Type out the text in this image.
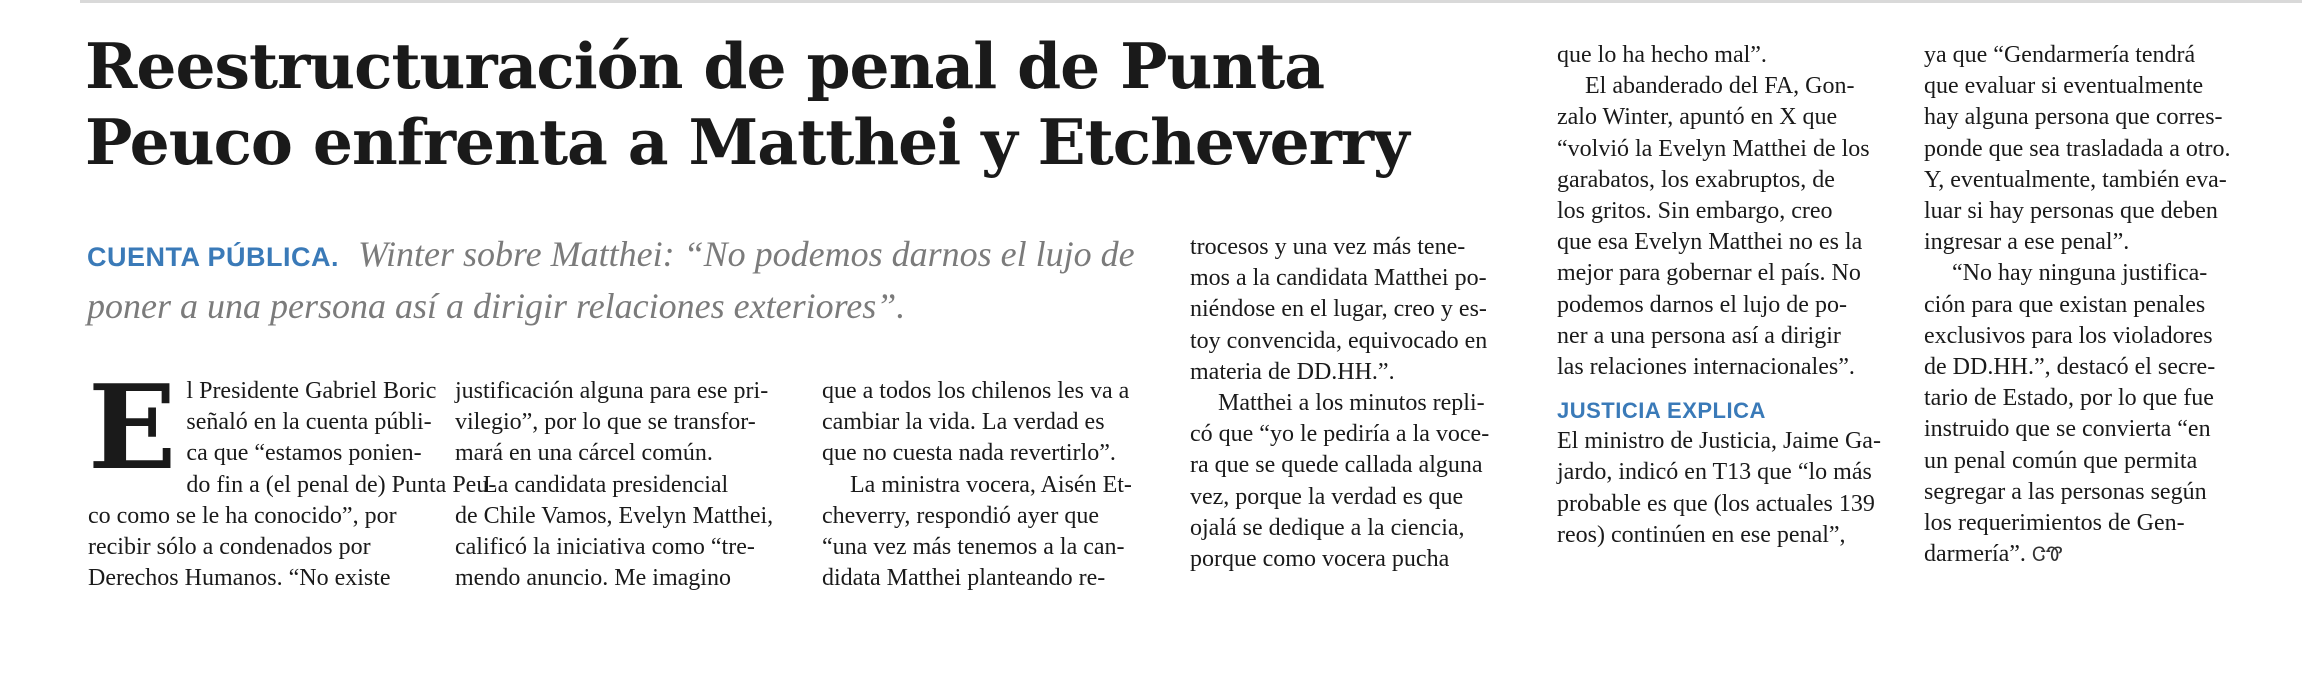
Reestructuración de penal de Punta
Peuco enfrenta a Matthei y Etcheverry
CUENTA PÚBLICA. Winter sobre Matthei: “No podemos darnos el lujo de poner a una persona así a dirigir relaciones exteriores”.
E l Presidente Gabriel Boric
señaló en la cuenta públi-
ca que “estamos ponien-
do fin a (el penal de) Punta Peu-
co como se le ha conocido”, por
recibir sólo a condenados por
Derechos Humanos. “No existe
justificación alguna para ese pri-
vilegio”, por lo que se transfor-
mará en una cárcel común.
La candidata presidencial
de Chile Vamos, Evelyn Matthei,
calificó la iniciativa como “tre-
mendo anuncio. Me imagino
que a todos los chilenos les va a
cambiar la vida. La verdad es
que no cuesta nada revertirlo”.
La ministra vocera, Aisén Et-
cheverry, respondió ayer que
“una vez más tenemos a la can-
didata Matthei planteando re-
trocesos y una vez más tene-
mos a la candidata Matthei po-
niéndose en el lugar, creo y es-
toy convencida, equivocado en
materia de DD.HH.”.
Matthei a los minutos repli-
có que “yo le pediría a la voce-
ra que se quede callada alguna
vez, porque la verdad es que
ojalá se dedique a la ciencia,
porque como vocera pucha
que lo ha hecho mal”.
El abanderado del FA, Gon-
zalo Winter, apuntó en X que
“volvió la Evelyn Matthei de los
garabatos, los exabruptos, de
los gritos. Sin embargo, creo
que esa Evelyn Matthei no es la
mejor para gobernar el país. No
podemos darnos el lujo de po-
ner a una persona así a dirigir
las relaciones internacionales”.
JUSTICIA EXPLICA
El ministro de Justicia, Jaime Ga-
jardo, indicó en T13 que “lo más
probable es que (los actuales 139
reos) continúen en ese penal”,
ya que “Gendarmería tendrá
que evaluar si eventualmente
hay alguna persona que corres-
ponde que sea trasladada a otro.
Y, eventualmente, también eva-
luar si hay personas que deben
ingresar a ese penal”.
“No hay ninguna justifica-
ción para que existan penales
exclusivos para los violadores
de DD.HH.”, destacó el secre-
tario de Estado, por lo que fue
instruido que se convierta “en
un penal común que permita
segregar a las personas según
los requerimientos de Gen-
darmería”. ᏣᏡ
